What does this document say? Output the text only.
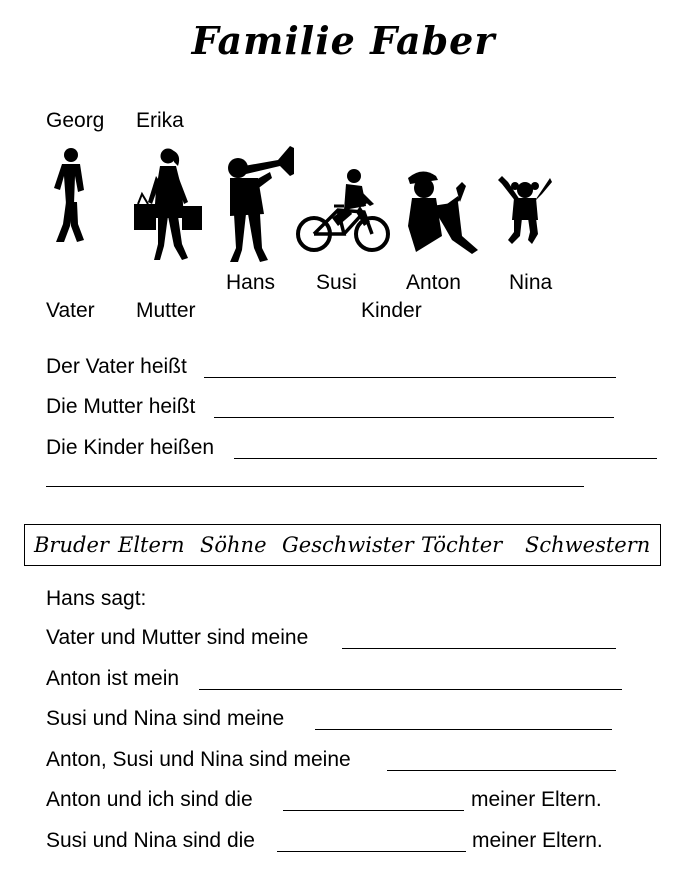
Familie Faber
Georg Erika
Hans Susi Anton Nina
Vater Mutter	Kinder
Der Vater heißt
Die Mutter heißt
Die Kinder heißen
Bruder Eltern Söhne Geschwister Töchter Schwestern
Hans sagt:
Vater und Mutter sind meine
Anton ist mein
Susi und Nina sind meine
Anton, Susi und Nina sind meine
Anton und ich sind die	meiner Eltern.
Susi und Nina sind die	meiner Eltern.
